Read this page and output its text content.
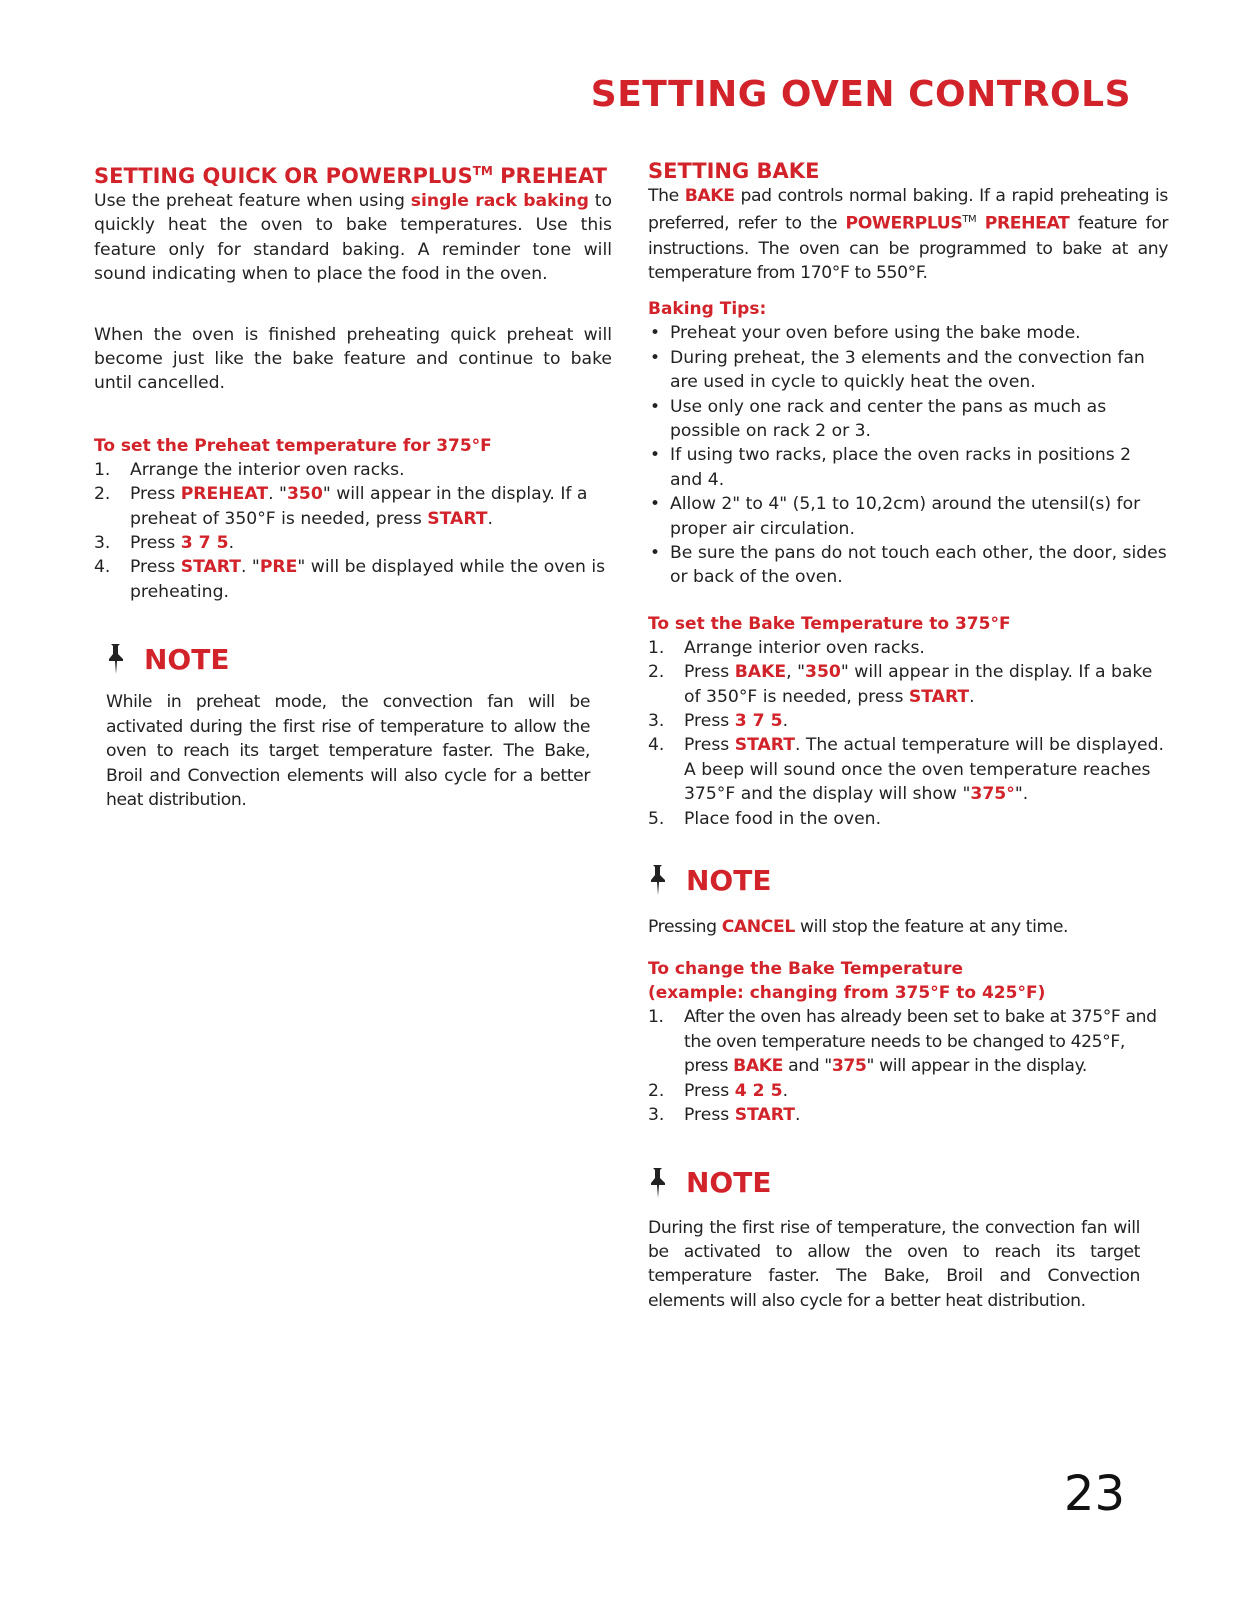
SETTING OVEN CONTROLS
SETTING QUICK OR POWERPLUS™ PREHEAT

Use the preheat feature when using single rack baking to quickly heat the oven to bake temperatures. Use this feature only for standard baking. A reminder tone will sound indicating when to place the food in the oven.

When the oven is finished preheating quick preheat will become just like the bake feature and continue to bake until cancelled.

To set the Preheat temperature for 375°F
1. Arrange the interior oven racks.
2. Press PREHEAT. "350" will appear in the display. If a preheat of 350°F is needed, press START.
3. Press 3 7 5.
4. Press START. "PRE" will be displayed while the oven is preheating.
NOTE

While in preheat mode, the convection fan will be activated during the first rise of temperature to allow the oven to reach its target temperature faster. The Bake, Broil and Convection elements will also cycle for a better heat distribution.

SETTING BAKE

The BAKE pad controls normal baking. If a rapid preheating is preferred, refer to the POWERPLUS™ PREHEAT feature for instructions. The oven can be programmed to bake at any temperature from 170°F to 550°F.

Baking Tips:
• Preheat your oven before using the bake mode.
• During preheat, the 3 elements and the convection fan are used in cycle to quickly heat the oven.
• Use only one rack and center the pans as much as possible on rack 2 or 3.
• If using two racks, place the oven racks in positions 2 and 4.
• Allow 2" to 4" (5,1 to 10,2cm) around the utensil(s) for proper air circulation.
• Be sure the pans do not touch each other, the door, sides or back of the oven.
To set the Bake Temperature to 375°F
1. Arrange interior oven racks.
2. Press BAKE, "350" will appear in the display. If a bake of 350°F is needed, press START.
3. Press 3 7 5.
4. Press START. The actual temperature will be displayed. A beep will sound once the oven temperature reaches 375°F and the display will show "375°".
5. Place food in the oven.
NOTE

Pressing CANCEL will stop the feature at any time.

To change the Bake Temperature
(example: changing from 375°F to 425°F)
1. After the oven has already been set to bake at 375°F and the oven temperature needs to be changed to 425°F, press BAKE and "375" will appear in the display.
2. Press 4 2 5.
3. Press START.
NOTE

During the first rise of temperature, the convection fan will be activated to allow the oven to reach its target temperature faster. The Bake, Broil and Convection elements will also cycle for a better heat distribution.

23
